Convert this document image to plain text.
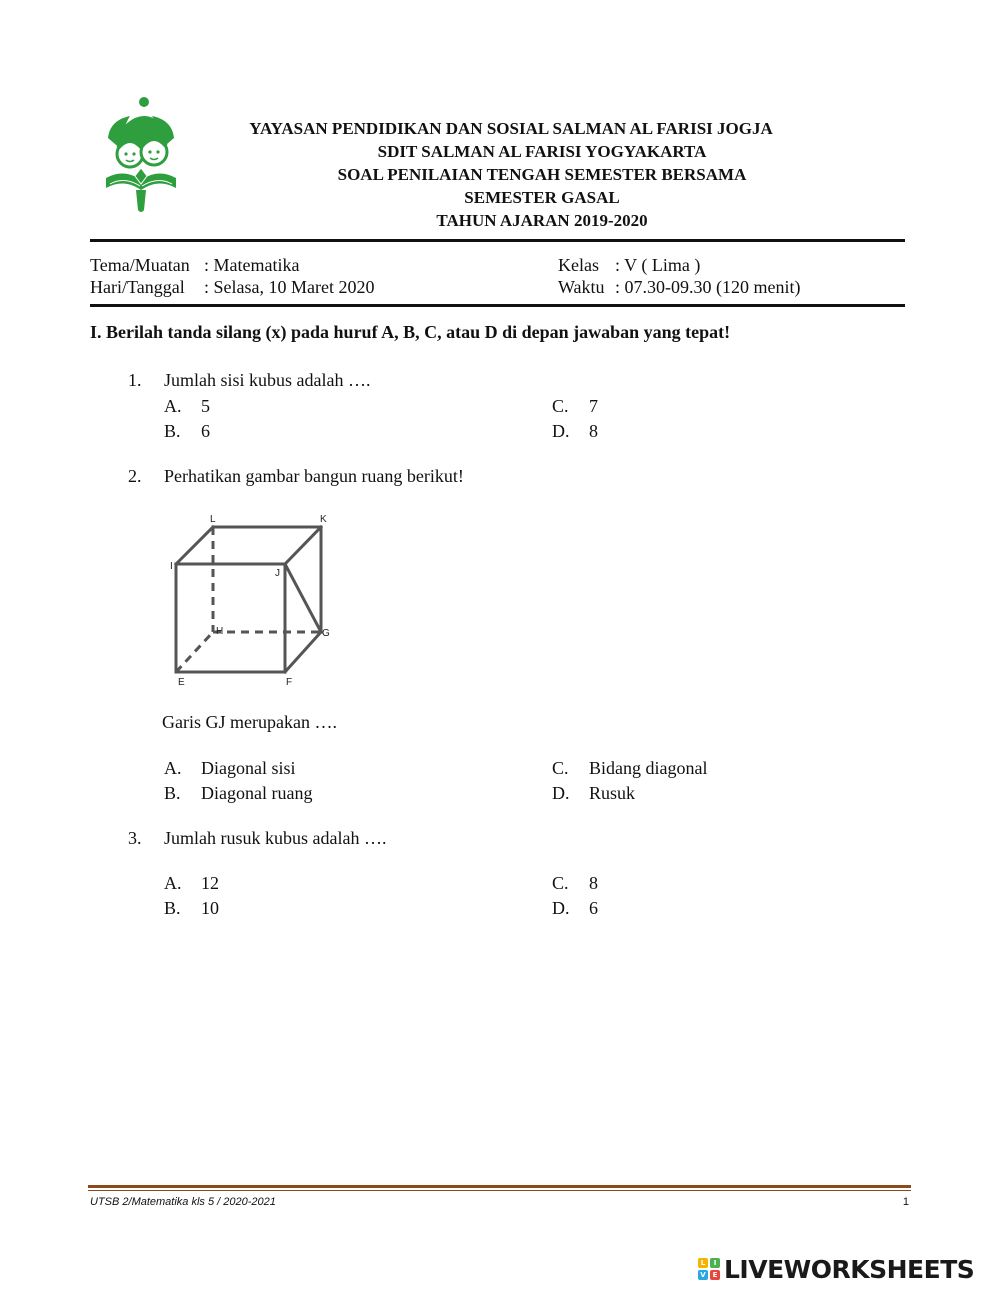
YAYASAN PENDIDIKAN DAN SOSIAL SALMAN AL FARISI JOGJA
SDIT SALMAN AL FARISI YOGYAKARTA
SOAL PENILAIAN TENGAH SEMESTER BERSAMA
SEMESTER GASAL
TAHUN AJARAN 2019-2020
Tema/Muatan : Matematika
Hari/Tanggal : Selasa, 10 Maret 2020
Kelas : V ( Lima )
Waktu : 07.30-09.30 (120 menit)
I. Berilah tanda silang (x) pada huruf A, B, C, atau D di depan jawaban yang tepat!
1. Jumlah sisi kubus adalah ….
A. 5
B. 6
C. 7
D. 8
2. Perhatikan gambar bangun ruang berikut!
L	K
I
J
H	G
E	F
Garis GJ merupakan ….
A. Diagonal sisi
B. Diagonal ruang
C. Bidang diagonal
D. Rusuk
3. Jumlah rusuk kubus adalah ….
A. 12
B. 10
C. 8
D. 6
UTSB 2/Matematika kls 5 / 2020-2021	1
L	I
V E LIVEWORKSHEETS
